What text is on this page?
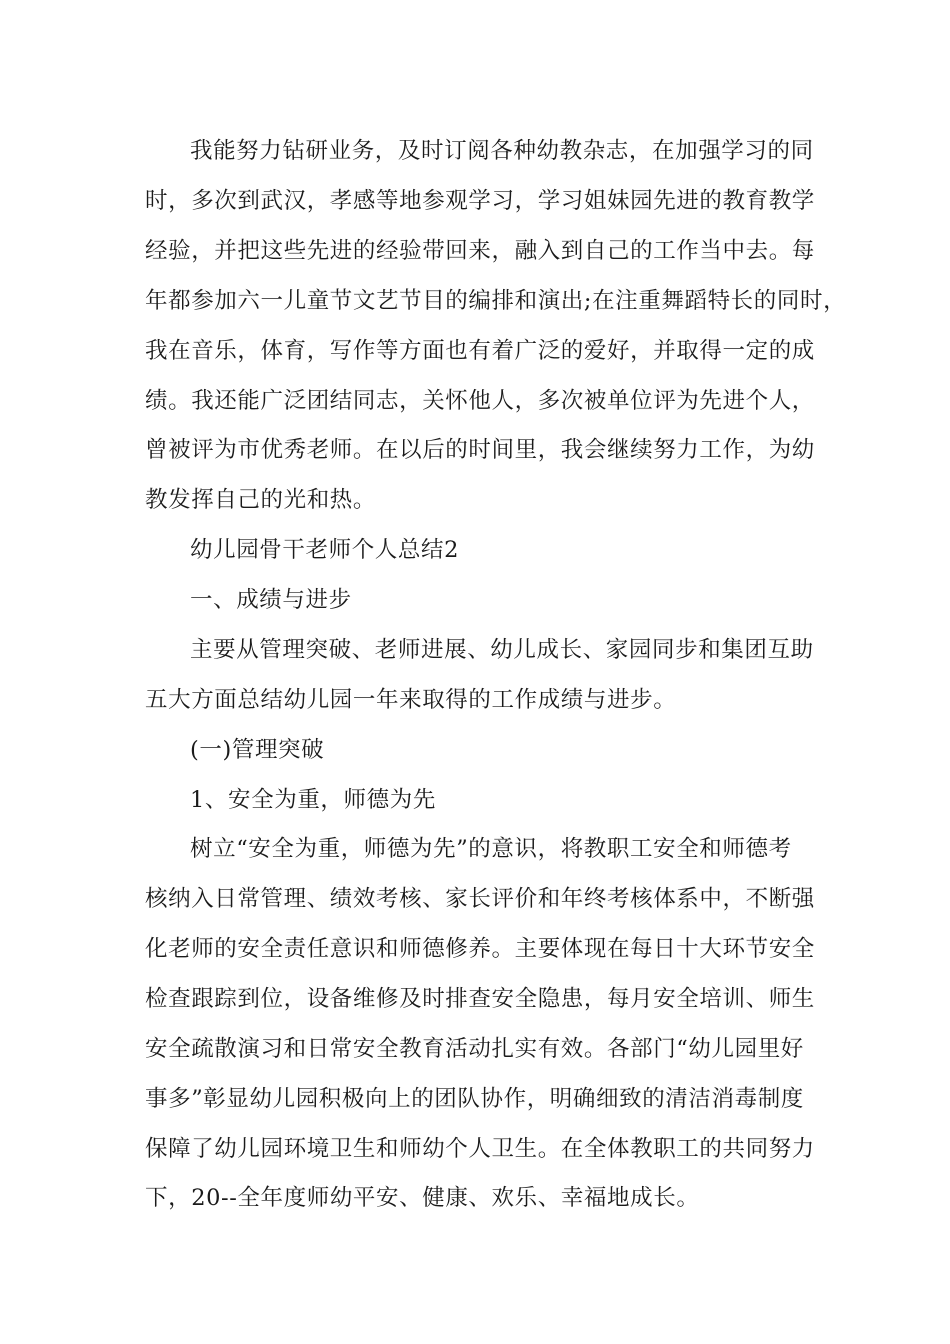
我能努力钻研业务，及时订阅各种幼教杂志，在加强学习的同

时，多次到武汉，孝感等地参观学习，学习姐妹园先进的教育教学

经验，并把这些先进的经验带回来，融入到自己的工作当中去。每

年都参加六一儿童节文艺节目的编排和演出;在注重舞蹈特长的同时，

我在音乐，体育，写作等方面也有着广泛的爱好，并取得一定的成

绩。我还能广泛团结同志，关怀他人，多次被单位评为先进个人，

曾被评为市优秀老师。在以后的时间里，我会继续努力工作，为幼

教发挥自己的光和热。

幼儿园骨干老师个人总结2

一、成绩与进步

主要从管理突破、老师进展、幼儿成长、家园同步和集团互助

五大方面总结幼儿园一年来取得的工作成绩与进步。

(一)管理突破

1、安全为重，师德为先

树立“安全为重，师德为先”的意识，将教职工安全和师德考

核纳入日常管理、绩效考核、家长评价和年终考核体系中，不断强

化老师的安全责任意识和师德修养。主要体现在每日十大环节安全

检查跟踪到位，设备维修及时排查安全隐患，每月安全培训、师生

安全疏散演习和日常安全教育活动扎实有效。各部门“幼儿园里好

事多”彰显幼儿园积极向上的团队协作，明确细致的清洁消毒制度

保障了幼儿园环境卫生和师幼个人卫生。在全体教职工的共同努力

下，20--全年度师幼平安、健康、欢乐、幸福地成长。
